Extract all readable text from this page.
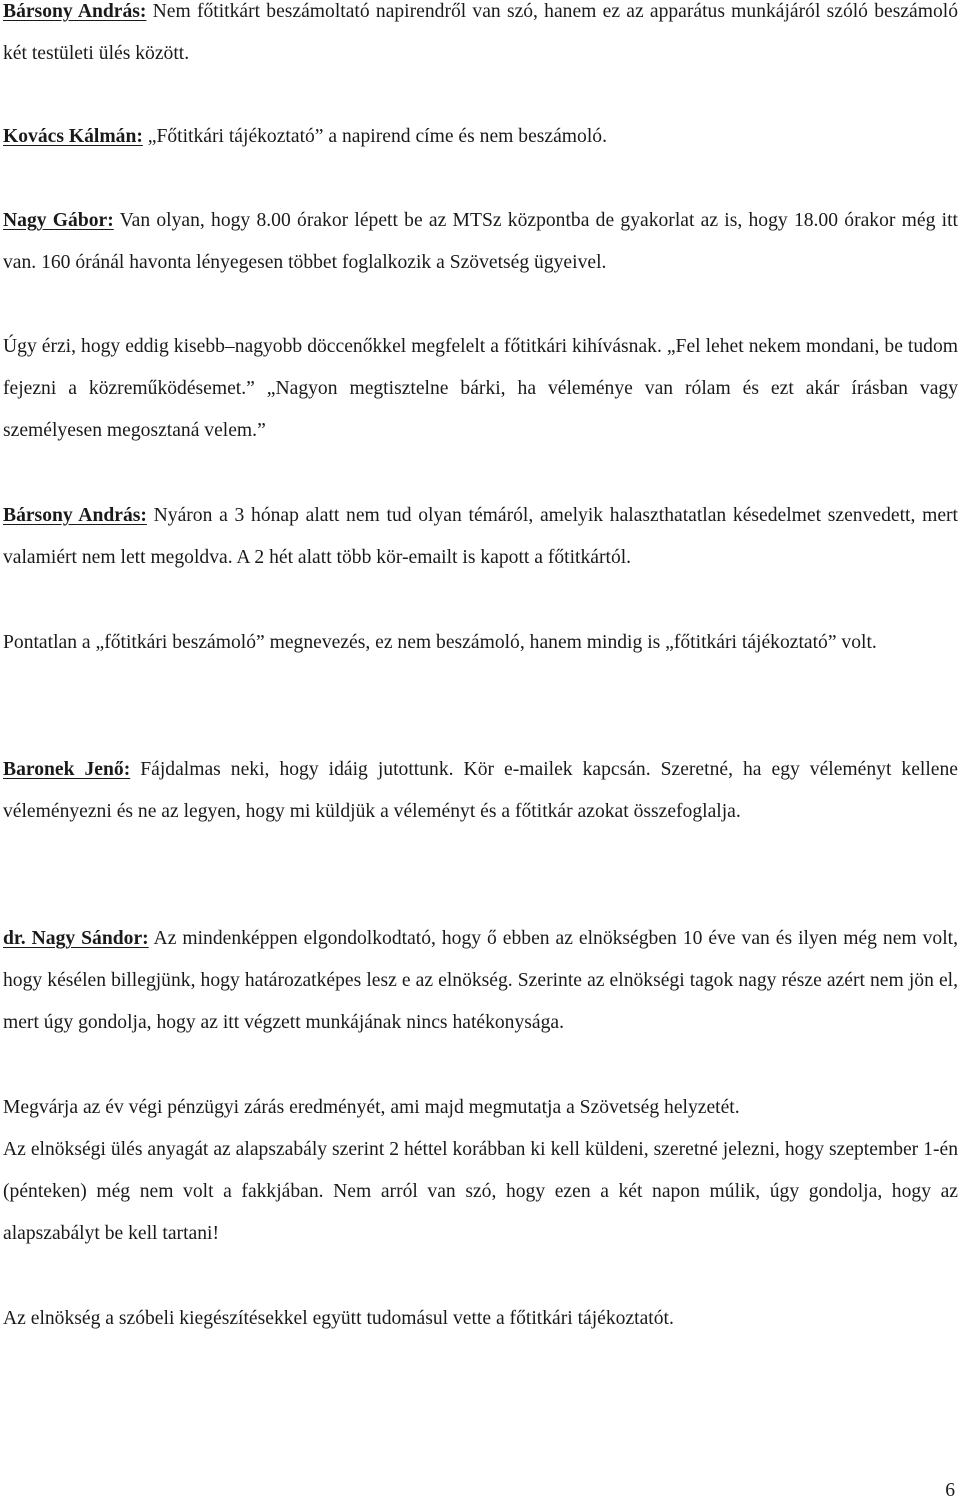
Bársony András: Nem főtitkárt beszámoltató napirendről van szó, hanem ez az apparátus munkájáról szóló beszámoló két testületi ülés között.

Kovács Kálmán: „Főtitkári tájékoztató” a napirend címe és nem beszámoló.

Nagy Gábor: Van olyan, hogy 8.00 órakor lépett be az MTSz központba de gyakorlat az is, hogy 18.00 órakor még itt van. 160 óránál havonta lényegesen többet foglalkozik a Szövetség ügyeivel.

Úgy érzi, hogy eddig kisebb–nagyobb döccenőkkel megfelelt a főtitkári kihívásnak. „Fel lehet nekem mondani, be tudom fejezni a közreműködésemet.” „Nagyon megtisztelne bárki, ha véleménye van rólam és ezt akár írásban vagy személyesen megosztaná velem.”

Bársony András: Nyáron a 3 hónap alatt nem tud olyan témáról, amelyik halaszthatatlan késedelmet szenvedett, mert valamiért nem lett megoldva. A 2 hét alatt több kör-emailt is kapott a főtitkártól.

Pontatlan a „főtitkári beszámoló” megnevezés, ez nem beszámoló, hanem mindig is „főtitkári tájékoztató” volt.

Baronek Jenő: Fájdalmas neki, hogy idáig jutottunk. Kör e-mailek kapcsán. Szeretné, ha egy véleményt kellene véleményezni és ne az legyen, hogy mi küldjük a véleményt és a főtitkár azokat összefoglalja.

dr. Nagy Sándor: Az mindenképpen elgondolkodtató, hogy ő ebben az elnökségben 10 éve van és ilyen még nem volt, hogy késélen billegjünk, hogy határozatképes lesz e az elnökség. Szerinte az elnökségi tagok nagy része azért nem jön el, mert úgy gondolja, hogy az itt végzett munkájának nincs hatékonysága.

Megvárja az év végi pénzügyi zárás eredményét, ami majd megmutatja a Szövetség helyzetét.

Az elnökségi ülés anyagát az alapszabály szerint 2 héttel korábban ki kell küldeni, szeretné jelezni, hogy szeptember 1-én (pénteken) még nem volt a fakkjában. Nem arról van szó, hogy ezen a két napon múlik, úgy gondolja, hogy az alapszabályt be kell tartani!

Az elnökség a szóbeli kiegészítésekkel együtt tudomásul vette a főtitkári tájékoztatót.

6
